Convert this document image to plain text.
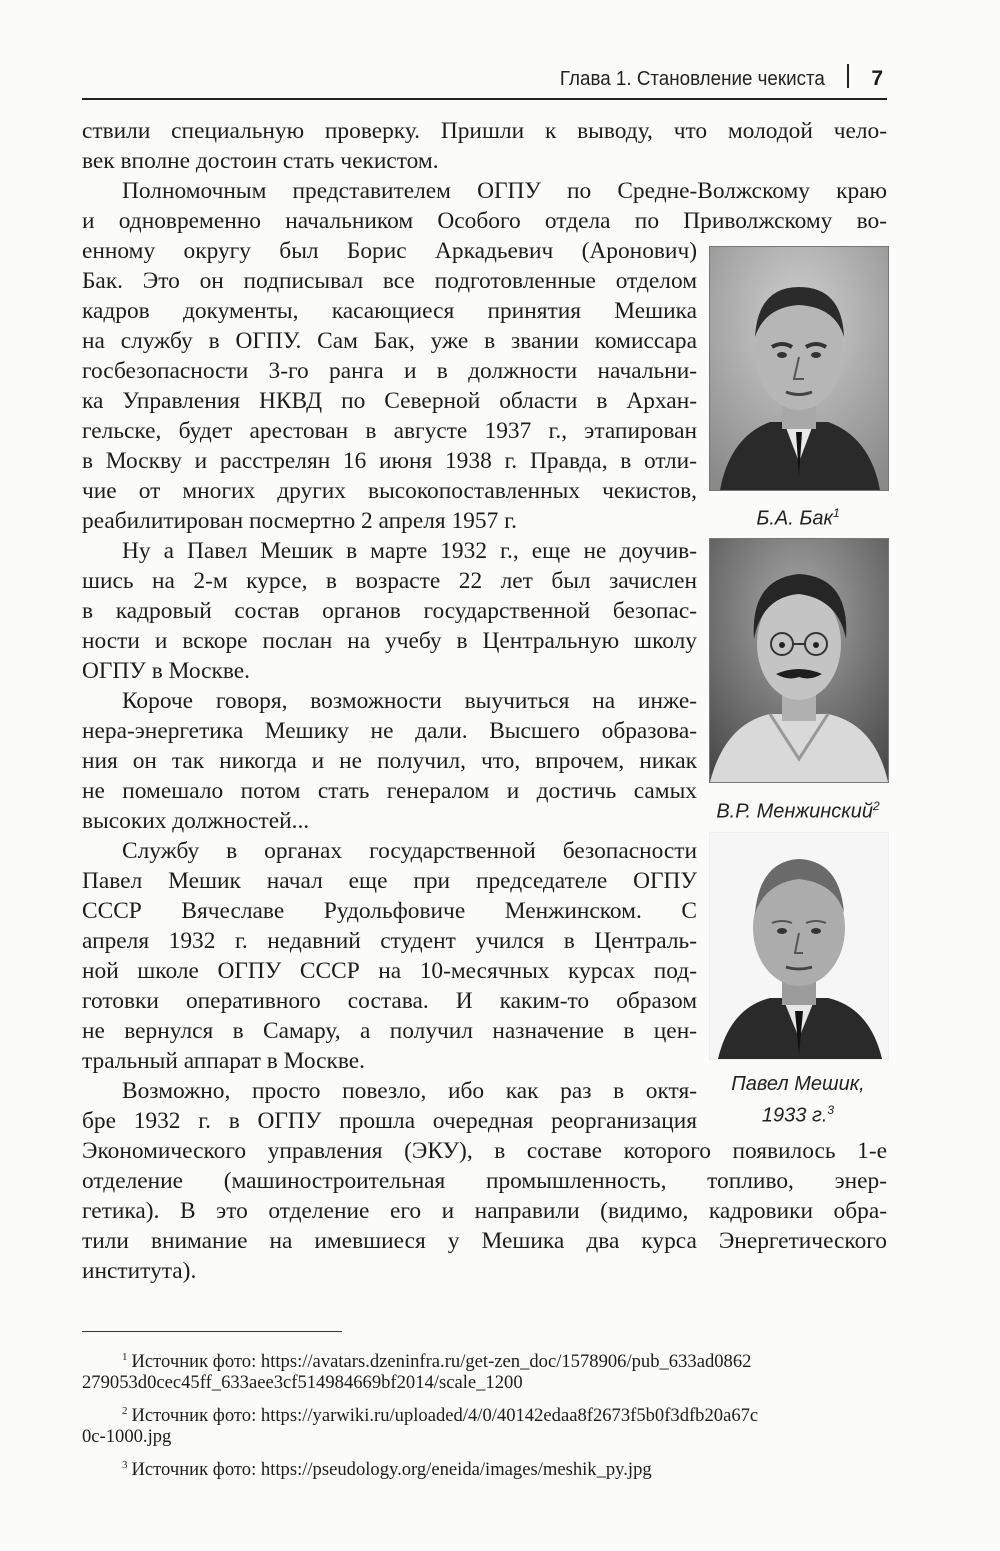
Глава 1. Становление чекиста 7
ствили специальную проверку. Пришли к выводу, что молодой чело-
век вполне достоин стать чекистом.
Полномочным представителем ОГПУ по Средне-Волжскому краю
и одновременно начальником Особого отдела по Приволжскому во-
енному округу был Борис Аркадьевич (Аронович)
Бак. Это он подписывал все подготовленные отделом
кадров документы, касающиеся принятия Мешика
на службу в ОГПУ. Сам Бак, уже в звании комиссара
госбезопасности 3-го ранга и в должности начальни-
ка Управления НКВД по Северной области в Архан-
гельске, будет арестован в августе 1937 г., этапирован
в Москву и расстрелян 16 июня 1938 г. Правда, в отли-
чие от многих других высокопоставленных чекистов,
реабилитирован посмертно 2 апреля 1957 г.
Ну а Павел Мешик в марте 1932 г., еще не доучив-
шись на 2-м курсе, в возрасте 22 лет был зачислен
в кадровый состав органов государственной безопас-
ности и вскоре послан на учебу в Центральную школу
ОГПУ в Москве.
Короче говоря, возможности выучиться на инже-
нера-энергетика Мешику не дали. Высшего образова-
ния он так никогда и не получил, что, впрочем, никак
не помешало потом стать генералом и достичь самых
высоких должностей...
Службу в органах государственной безопасности
Павел Мешик начал еще при председателе ОГПУ
СССР Вячеславе Рудольфовиче Менжинском. С
апреля 1932 г. недавний студент учился в Централь-
ной школе ОГПУ СССР на 10-месячных курсах под-
готовки оперативного состава. И каким-то образом
не вернулся в Самару, а получил назначение в цен-
тральный аппарат в Москве.
Возможно, просто повезло, ибо как раз в октя-
бре 1932 г. в ОГПУ прошла очередная реорганизация
Экономического управления (ЭКУ), в составе которого появилось 1-е
отделение (машиностроительная промышленность, топливо, энер-
гетика). В это отделение его и направили (видимо, кадровики обра-
тили внимание на имевшиеся у Мешика два курса Энергетического
института).
Б.А. Бак$^1$
В.Р. Менжинский$^2$
Павел Мешик,
1933 г.$^3$
$^1$ Источник фото: https://avatars.dzeninfra.ru/get-zen_doc/1578906/pub_633ad0862
279053d0cec45ff_633aee3cf514984669bf2014/scale_1200
$^2$ Источник фото: https://yarwiki.ru/uploaded/4/0/40142edaa8f2673f5b0f3dfb20a67c
0c-1000.jpg
$^3$ Источник фото: https://pseudology.org/eneida/images/meshik_py.jpg
